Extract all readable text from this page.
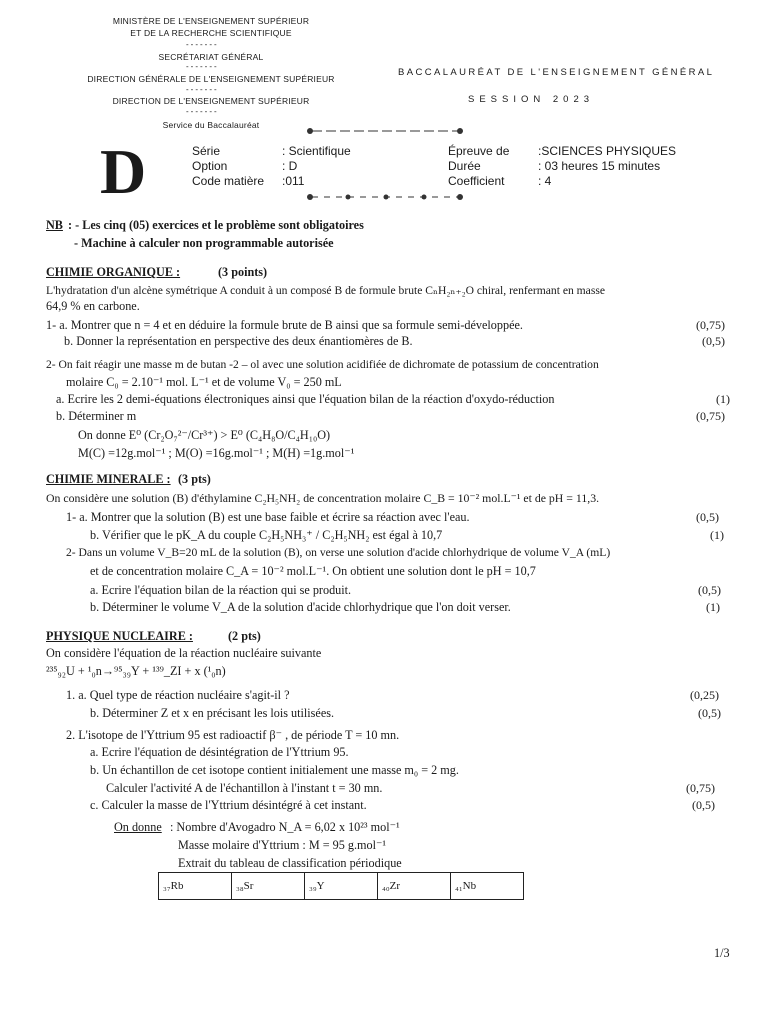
MINISTÈRE DE L'ENSEIGNEMENT SUPÉRIEUR
ET DE LA RECHERCHE SCIENTIFIQUE
-------
SECRÉTARIAT GÉNÉRAL
-------
DIRECTION GÉNÉRALE DE L'ENSEIGNEMENT SUPÉRIEUR
-------
DIRECTION DE L'ENSEIGNEMENT SUPÉRIEUR
-------
Service du Baccalauréat
BACCALAURÉAT DE L'ENSEIGNEMENT GÉNÉRAL
SESSION 2023
D	Série	: Scientifique
Option	: D
Code matière :011
Épreuve de :SCIENCES PHYSIQUES
Durée	: 03 heures 15 minutes
Coefficient	: 4
NB : - Les cinq (05) exercices et le problème sont obligatoires
- Machine à calculer non programmable autorisée
CHIMIE ORGANIQUE :	(3 points)
L'hydratation d'un alcène symétrique A conduit à un composé B de formule brute CₙH₂ₙ₊₂O chiral, renfermant en masse
64,9 % en carbone.
1- a. Montrer que n = 4 et en déduire la formule brute de B ainsi que sa formule semi-développée.	(0,75)
b. Donner la représentation en perspective des deux énantiomères de B.	(0,5)
2- On fait réagir une masse m de butan -2 – ol avec une solution acidifiée de dichromate de potassium de concentration
molaire C₀ = 2.10⁻¹ mol. L⁻¹ et de volume V₀ = 250 mL
a. Ecrire les 2 demi-équations électroniques ainsi que l'équation bilan de la réaction d'oxydo-réduction	(1)
b. Déterminer m	(0,75)
On donne E⁰ (Cr₂O₇²⁻/Cr³⁺) > E⁰ (C₄H₈O/C₄H₁₀O)
M(C) =12g.mol⁻¹ ; M(O) =16g.mol⁻¹ ; M(H) =1g.mol⁻¹
CHIMIE MINERALE : (3 pts)
On considère une solution (B) d'éthylamine C₂H₅NH₂ de concentration molaire C_B = 10⁻² mol.L⁻¹ et de pH = 11,3.
1- a. Montrer que la solution (B) est une base faible et écrire sa réaction avec l'eau.	(0,5)
b. Vérifier que le pK_A du couple C₂H₅NH₃⁺ / C₂H₅NH₂ est égal à 10,7	(1)
2- Dans un volume V_B=20 mL de la solution (B), on verse une solution d'acide chlorhydrique de volume V_A (mL)
et de concentration molaire C_A = 10⁻² mol.L⁻¹. On obtient une solution dont le pH = 10,7
a. Ecrire l'équation bilan de la réaction qui se produit.	(0,5)
b. Déterminer le volume V_A de la solution d'acide chlorhydrique que l'on doit verser.	(1)
PHYSIQUE NUCLEAIRE :	(2 pts)
On considère l'équation de la réaction nucléaire suivante
²³⁵₉₂U + ¹₀n→⁹⁵₃₉Y + ¹³⁹_ZI + x (¹₀n)
1. a. Quel type de réaction nucléaire s'agit-il ?	(0,25)
b. Déterminer Z et x en précisant les lois utilisées.	(0,5)
2. L'isotope de l'Yttrium 95 est radioactif β⁻ , de période T = 10 mn.
a. Ecrire l'équation de désintégration de l'Yttrium 95.
b. Un échantillon de cet isotope contient initialement une masse m₀ = 2 mg.
Calculer l'activité A de l'échantillon à l'instant t = 30 mn.	(0,75)
c. Calculer la masse de l'Yttrium désintégré à cet instant.	(0,5)
On donne : Nombre d'Avogadro N_A = 6,02 x 10²³ mol⁻¹
Masse molaire d'Yttrium : M = 95 g.mol⁻¹
Extrait du tableau de classification périodique
₃₇Rb	₃₈Sr	₃₉Y	₄₀Zr	₄₁Nb
1/3
